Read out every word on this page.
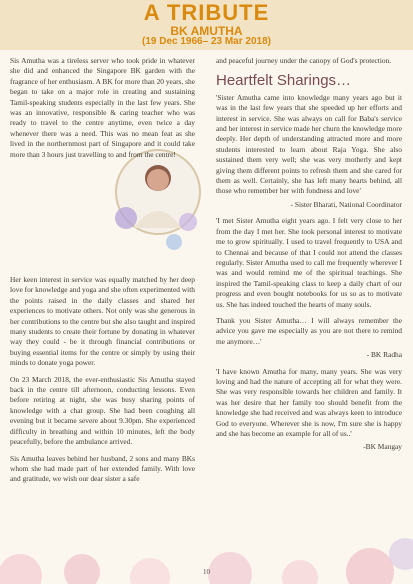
A TRIBUTE
BK AMUTHA
(19 Dec 1966– 23 Mar 2018)

Sis Amutha was a tireless server who took pride in whatever she did and enhanced the Singapore BK garden with the fragrance of her enthusiasm. A BK for more than 20 years, she began to take on a major role in creating and sustaining Tamil-speaking students especially in the last few years. She was an innovative, responsible & caring teacher who was ready to travel to the centre anytime, even twice a day whenever there was a need. This was no mean feat as she lived in the northernmost part of Singapore and it could take more than 3 hours just travelling to and from the centre!

Her keen interest in service was equally matched by her deep love for knowledge and yoga and she often experimented with the points raised in the daily classes and shared her experiences to motivate others. Not only was she generous in her contributions to the centre but she also taught and inspired many students to create their fortune by donating in whatever way they could - be it through financial contributions or buying essential items for the centre or simply by using their minds to donate yoga power.

On 23 March 2018, the ever-enthusiastic Sis Amutha stayed back in the centre till afternoon, conducting lessons. Even before retiring at night, she was busy sharing points of knowledge with a chat group. She had been coughing all evening but it became severe about 9.30pm. She experienced difficulty in breathing and within 10 minutes, left the body peacefully, before the ambulance arrived.

Sis Amutha leaves behind her husband, 2 sons and many BKs whom she had made part of her extended family. With love and gratitude, we wish our dear sister a safe

and peaceful journey under the canopy of God's protection.

Heartfelt Sharings…

'Sister Amutha came into knowledge many years ago but it was in the last few years that she speeded up her efforts and interest in service. She was always on call for Baba's service and her interest in service made her churn the knowledge more deeply. Her depth of understanding attracted more and more students interested to learn about Raja Yoga. She also sustained them very well; she was very motherly and kept giving them different points to refresh them and she cared for them as well. Certainly, she has left many hearts behind, all those who remember her with fondness and love'

- Sister Bharati, National Coordinator

'I met Sister Amutha eight years ago. I felt very close to her from the day I met her. She took personal interest to motivate me to grow spiritually. I used to travel frequently to USA and to Chennai and because of that I could not attend the classes regularly. Sister Amutha used to call me frequently wherever I was and would remind me of the spiritual teachings. She inspired the Tamil-speaking class to keep a daily chart of our progress and even bought notebooks for us so as to motivate us. She has indeed touched the hearts of many souls.

Thank you Sister Amutha… I will always remember the advice you gave me especially as you are not there to remind me anymore…'

- BK Radha

'I have known Amutha for many, many years. She was very loving and had the nature of accepting all for what they were. She was very responsible towards her children and family. It was her desire that her family too should benefit from the knowledge she had received and was always keen to introduce God to everyone. Wherever she is now, I'm sure she is happy and she has become an example for all of us..'

-BK Mangay

10
